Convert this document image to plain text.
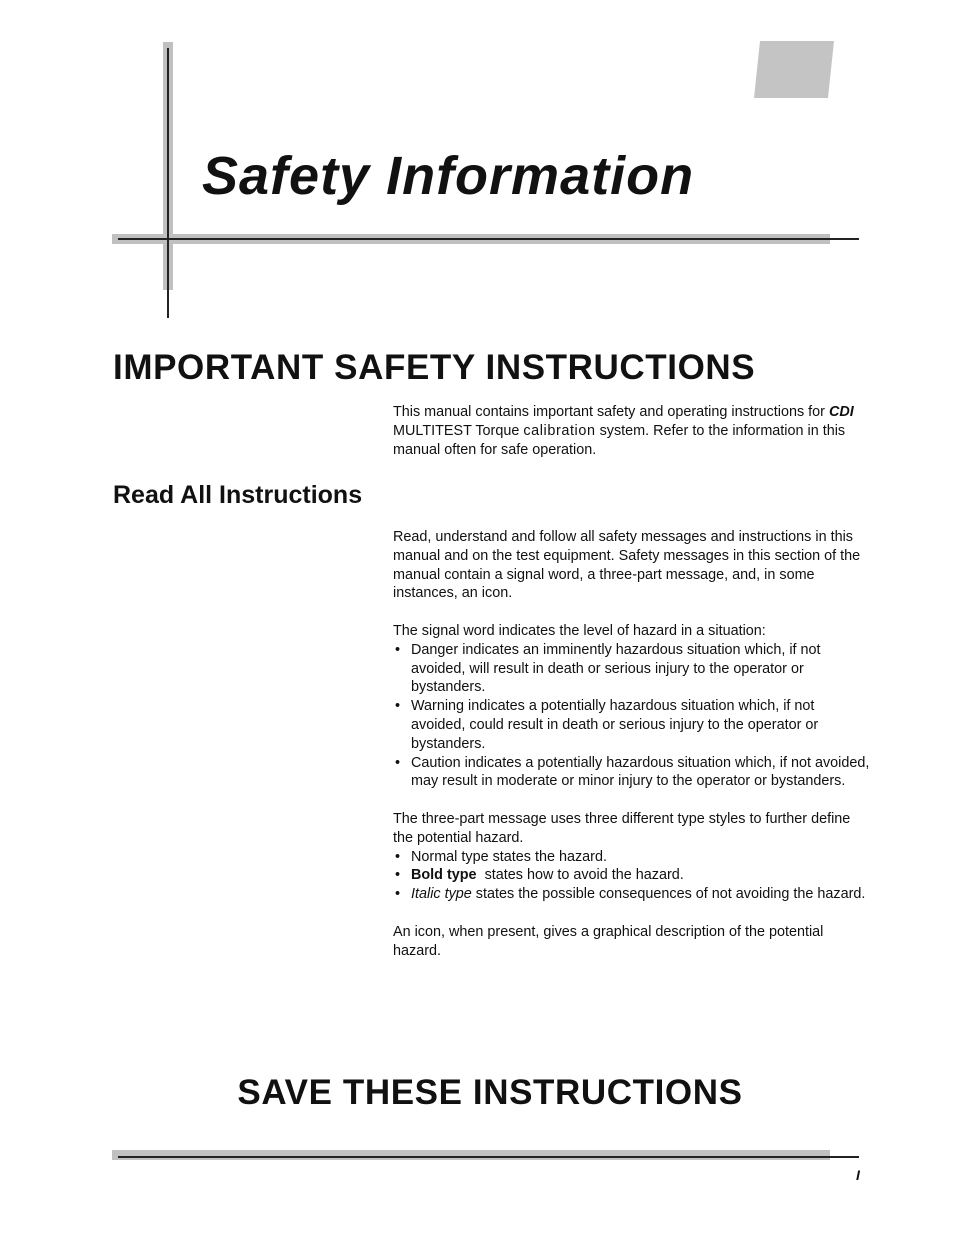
Safety Information
IMPORTANT SAFETY INSTRUCTIONS

This manual contains important safety and operating instructions for CDI MULTITEST Torque calibration system. Refer to the information in this manual often for safe operation.

Read All Instructions

Read, understand and follow all safety messages and instructions in this manual and on the test equipment. Safety messages in this section of the manual contain a signal word, a three-part message, and, in some instances, an icon.

The signal word indicates the level of hazard in a situation:

• Danger indicates an imminently hazardous situation which, if not avoided, will result in death or serious injury to the operator or bystanders.
• Warning indicates a potentially hazardous situation which, if not avoided, could result in death or serious injury to the operator or bystanders.
• Caution indicates a potentially hazardous situation which, if not avoided, may result in moderate or minor injury to the operator or bystanders.

The three-part message uses three different type styles to further define the potential hazard.

• Normal type states the hazard.
• Bold type states how to avoid the hazard.
• Italic type states the possible consequences of not avoiding the hazard.

An icon, when present, gives a graphical description of the potential hazard.

SAVE THESE INSTRUCTIONS
I
